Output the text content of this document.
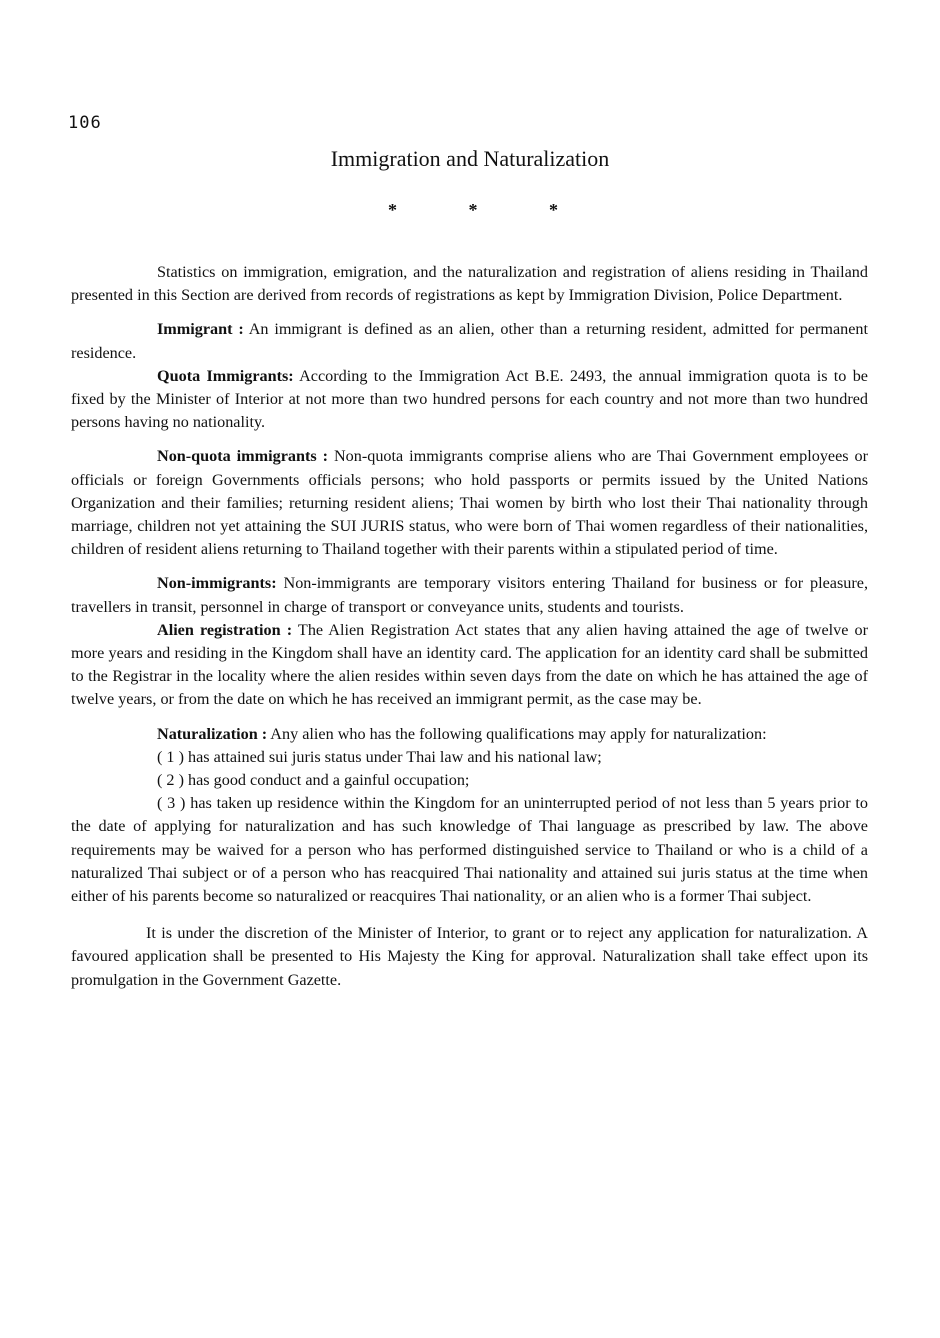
106
Immigration and Naturalization
*	*	*

Statistics on immigration, emigration, and the naturalization and registration of aliens residing in Thailand presented in this Section are derived from records of registrations as kept by Immigration Division, Police Department.

Immigrant : An immigrant is defined as an alien, other than a returning resident, admitted for permanent residence.

Quota Immigrants: According to the Immigration Act B.E. 2493, the annual immigration quota is to be fixed by the Minister of Interior at not more than two hundred persons for each country and not more than two hundred persons having no nationality.

Non-quota immigrants : Non-quota immigrants comprise aliens who are Thai Government employees or officials or foreign Governments officials persons; who hold passports or permits issued by the United Nations Organization and their families; returning resident aliens; Thai women by birth who lost their Thai nationality through marriage, children not yet attaining the SUI JURIS status, who were born of Thai women regardless of their nationalities, children of resident aliens returning to Thailand together with their parents within a stipulated period of time.

Non-immigrants: Non-immigrants are temporary visitors entering Thailand for business or for pleasure, travellers in transit, personnel in charge of transport or conveyance units, students and tourists.

Alien registration : The Alien Registration Act states that any alien having attained the age of twelve or more years and residing in the Kingdom shall have an identity card. The application for an identity card shall be submitted to the Registrar in the locality where the alien resides within seven days from the date on which he has attained the age of twelve years, or from the date on which he has received an immigrant permit, as the case may be.

Naturalization : Any alien who has the following qualifications may apply for naturalization:

( 1 ) has attained sui juris status under Thai law and his national law;

( 2 ) has good conduct and a gainful occupation;

( 3 ) has taken up residence within the Kingdom for an uninterrupted period of not less than 5 years prior to the date of applying for naturalization and has such knowledge of Thai language as prescribed by law. The above requirements may be waived for a person who has performed distinguished service to Thailand or who is a child of a naturalized Thai subject or of a person who has reacquired Thai nationality and attained sui juris status at the time when either of his parents become so naturalized or reacquires Thai nationality, or an alien who is a former Thai subject.

It is under the discretion of the Minister of Interior, to grant or to reject any application for naturalization. A favoured application shall be presented to His Majesty the King for approval. Naturalization shall take effect upon its promulgation in the Government Gazette.
